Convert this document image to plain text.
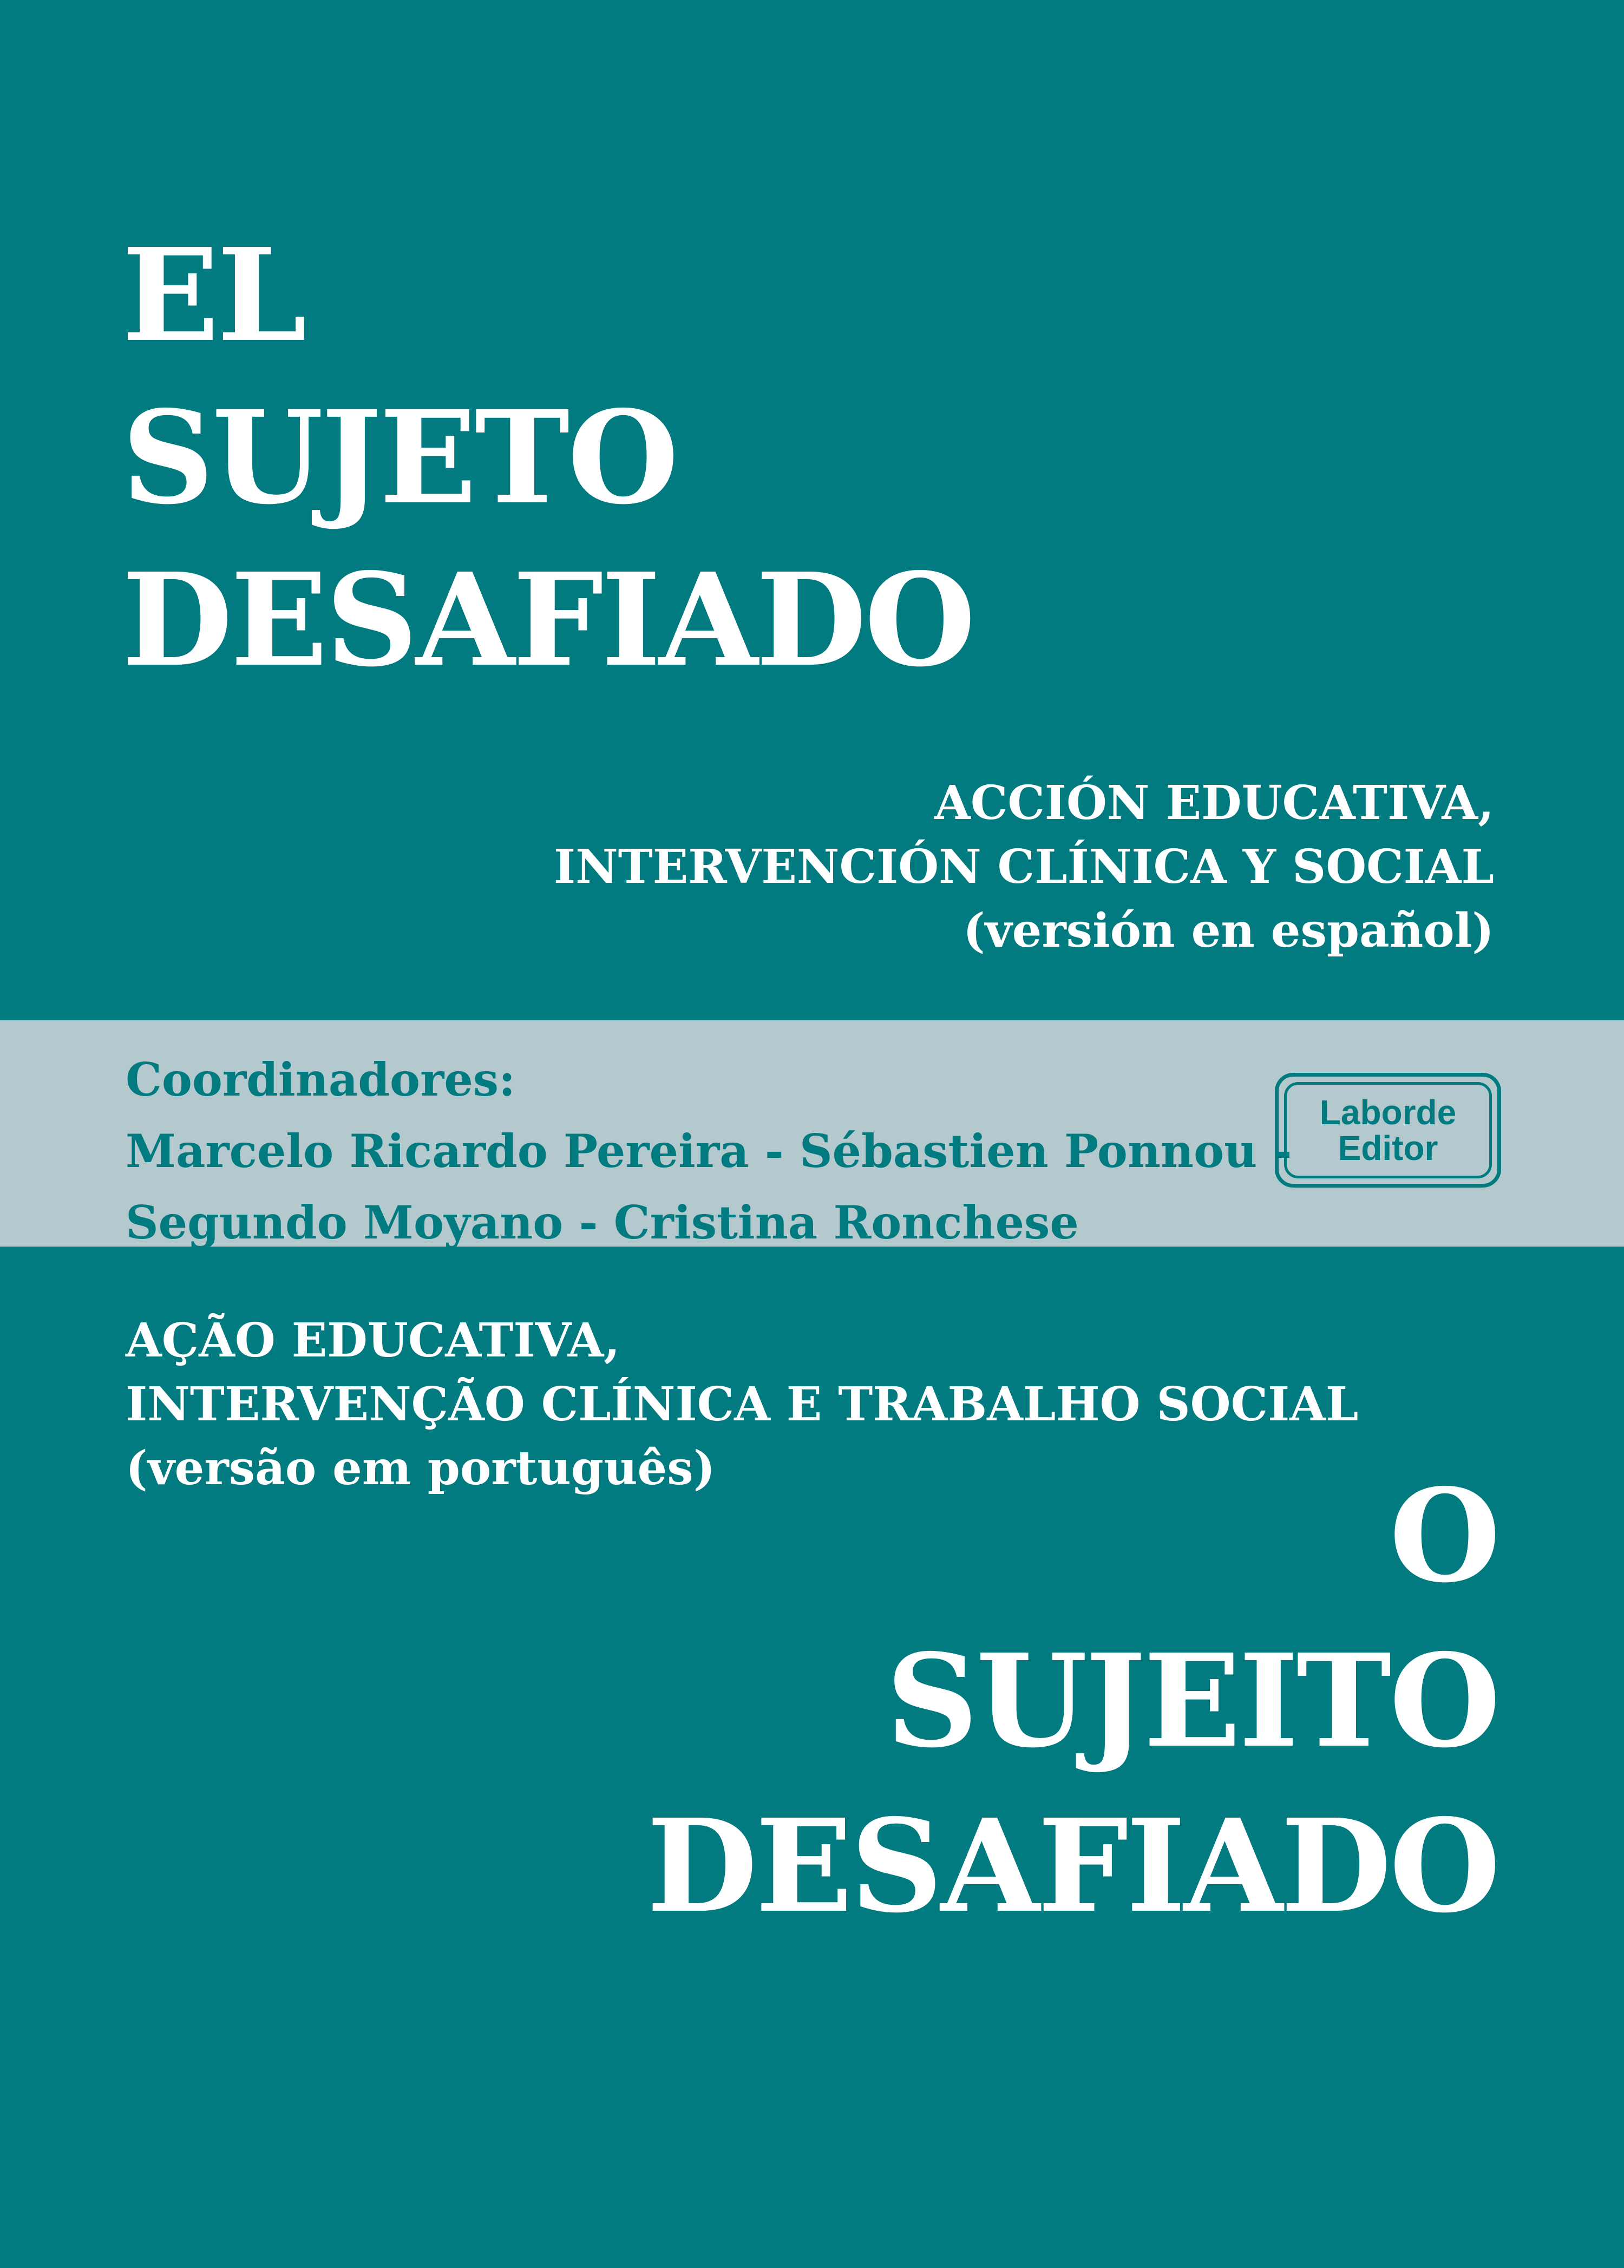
EL
SUJETO
DESAFIADO
ACCIÓN EDUCATIVA,
INTERVENCIÓN CLÍNICA Y SOCIAL
(versión en español)
Coordinadores:
Marcelo Ricardo Pereira - Sébastien Ponnou -
Segundo Moyano - Cristina Ronchese
Laborde
Editor
AÇÃO EDUCATIVA,
INTERVENÇÃO CLÍNICA E TRABALHO SOCIAL
(versão em português)	O
SUJEITO
DESAFIADO
